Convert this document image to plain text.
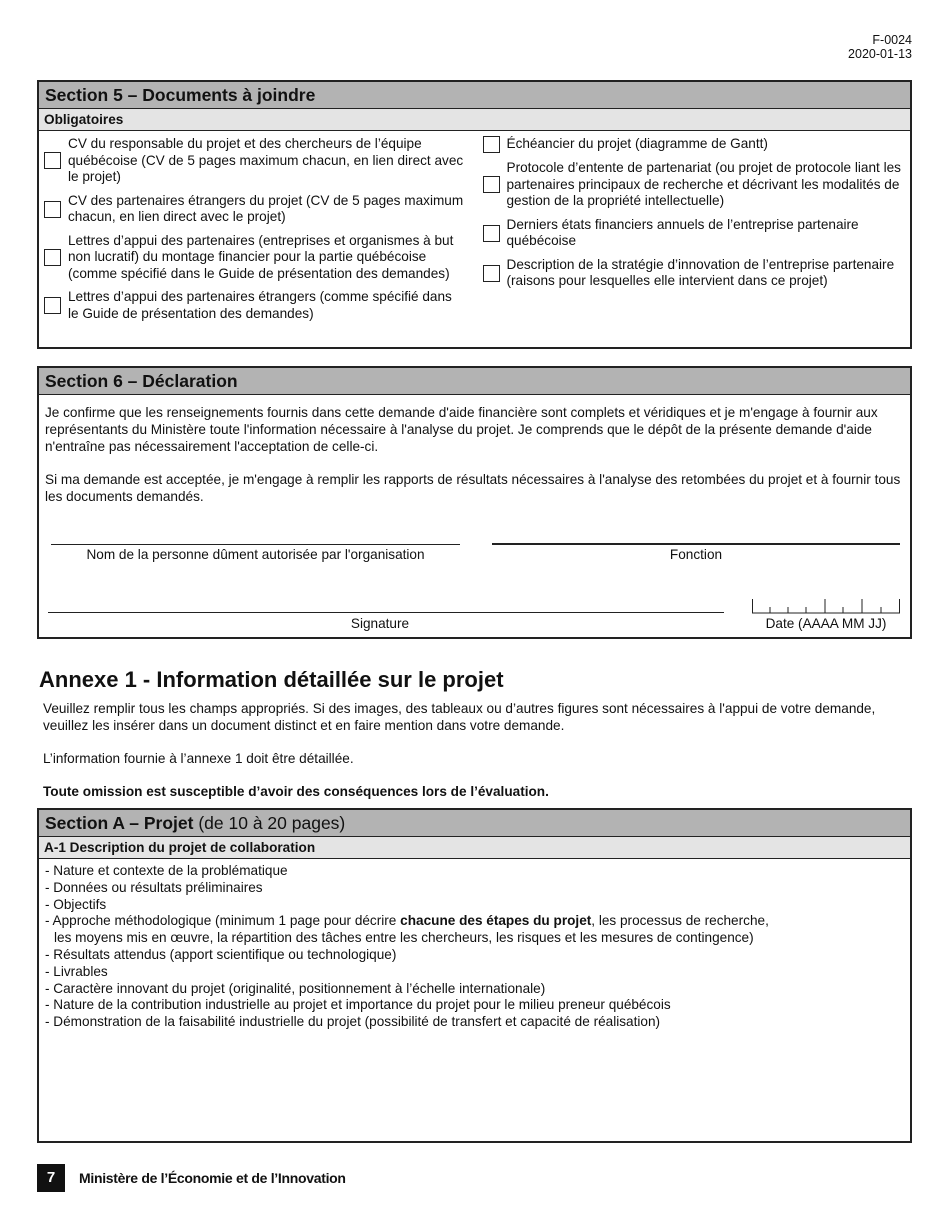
F-0024
2020-01-13
Section 5 – Documents à joindre
Obligatoires
CV du responsable du projet et des chercheurs de l’équipe québécoise (CV de 5 pages maximum chacun, en lien direct avec le projet)
CV des partenaires étrangers du projet (CV de 5 pages maximum chacun, en lien direct avec le projet)
Lettres d’appui des partenaires (entreprises et organismes à but non lucratif) du montage financier pour la partie québécoise (comme spécifié dans le Guide de présentation des demandes)
Lettres d’appui des partenaires étrangers (comme spécifié dans le Guide de présentation des demandes)
Échéancier du projet (diagramme de Gantt)
Protocole d’entente de partenariat (ou projet de protocole liant les partenaires principaux de recherche et décrivant les modalités de gestion de la propriété intellectuelle)
Derniers états financiers annuels de l’entreprise partenaire québécoise
Description de la stratégie d’innovation de l’entreprise partenaire (raisons pour lesquelles elle intervient dans ce projet)
Section 6 – Déclaration
Je confirme que les renseignements fournis dans cette demande d'aide financière sont complets et véridiques et je m'engage à fournir aux représentants du Ministère toute l'information nécessaire à l'analyse du projet. Je comprends que le dépôt de la présente demande d'aide n'entraîne pas nécessairement l'acceptation de celle-ci.
Si ma demande est acceptée, je m'engage à remplir les rapports de résultats nécessaires à l'analyse des retombées du projet et à fournir tous les documents demandés.
Nom de la personne dûment autorisée par l'organisation	Fonction
Signature	Date (AAAA MM JJ)
Annexe 1 - Information détaillée sur le projet
Veuillez remplir tous les champs appropriés. Si des images, des tableaux ou d’autres figures sont nécessaires à l'appui de votre demande, veuillez les insérer dans un document distinct et en faire mention dans votre demande.
L’information fournie à l’annexe 1 doit être détaillée.
Toute omission est susceptible d’avoir des conséquences lors de l’évaluation.
Section A – Projet (de 10 à 20 pages)
A-1 Description du projet de collaboration
- Nature et contexte de la problématique
- Données ou résultats préliminaires
- Objectifs
- Approche méthodologique (minimum 1 page pour décrire chacune des étapes du projet, les processus de recherche,
les moyens mis en œuvre, la répartition des tâches entre les chercheurs, les risques et les mesures de contingence)
- Résultats attendus (apport scientifique ou technologique)
- Livrables
- Caractère innovant du projet (originalité, positionnement à l’échelle internationale)
- Nature de la contribution industrielle au projet et importance du projet pour le milieu preneur québécois
- Démonstration de la faisabilité industrielle du projet (possibilité de transfert et capacité de réalisation)
7	Ministère de l’Économie et de l’Innovation
